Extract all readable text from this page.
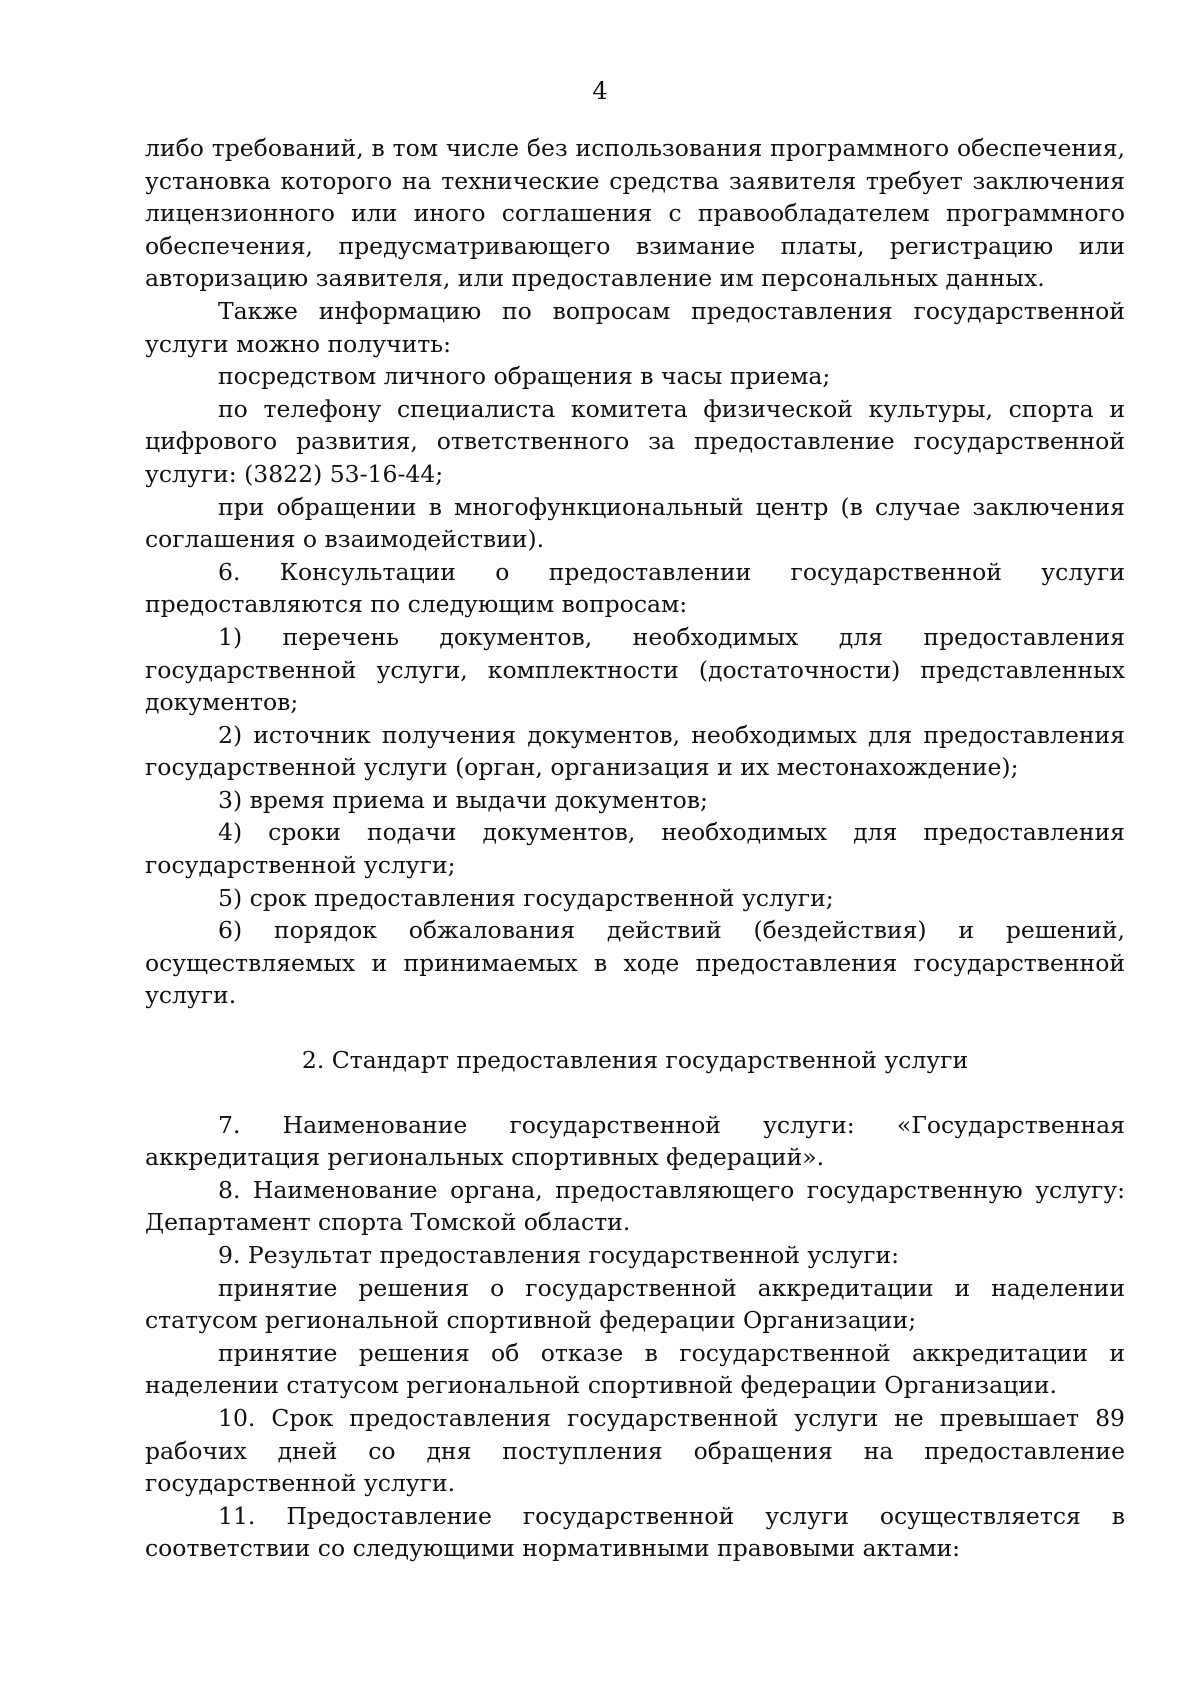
4

либо требований, в том числе без использования программного обеспечения, установка которого на технические средства заявителя требует заключения лицензионного или иного соглашения с правообладателем программного обеспечения, предусматривающего взимание платы, регистрацию или авторизацию заявителя, или предоставление им персональных данных.

Также информацию по вопросам предоставления государственной услуги можно получить:

посредством личного обращения в часы приема;

по телефону специалиста комитета физической культуры, спорта и цифрового развития, ответственного за предоставление государственной услуги: (3822) 53-16-44;

при обращении в многофункциональный центр (в случае заключения соглашения о взаимодействии).

6. Консультации о предоставлении государственной услуги предоставляются по следующим вопросам:

1) перечень документов, необходимых для предоставления государственной услуги, комплектности (достаточности) представленных документов;

2) источник получения документов, необходимых для предоставления государственной услуги (орган, организация и их местонахождение);

3) время приема и выдачи документов;

4) сроки подачи документов, необходимых для предоставления государственной услуги;

5) срок предоставления государственной услуги;

6) порядок обжалования действий (бездействия) и решений, осуществляемых и принимаемых в ходе предоставления государственной услуги.

2. Стандарт предоставления государственной услуги

7. Наименование государственной услуги: «Государственная аккредитация региональных спортивных федераций».

8. Наименование органа, предоставляющего государственную услугу: Департамент спорта Томской области.

9. Результат предоставления государственной услуги:

принятие решения о государственной аккредитации и наделении статусом региональной спортивной федерации Организации;

принятие решения об отказе в государственной аккредитации и наделении статусом региональной спортивной федерации Организации.

10. Срок предоставления государственной услуги не превышает 89 рабочих дней со дня поступления обращения на предоставление государственной услуги.

11. Предоставление государственной услуги осуществляется в соответствии со следующими нормативными правовыми актами:
